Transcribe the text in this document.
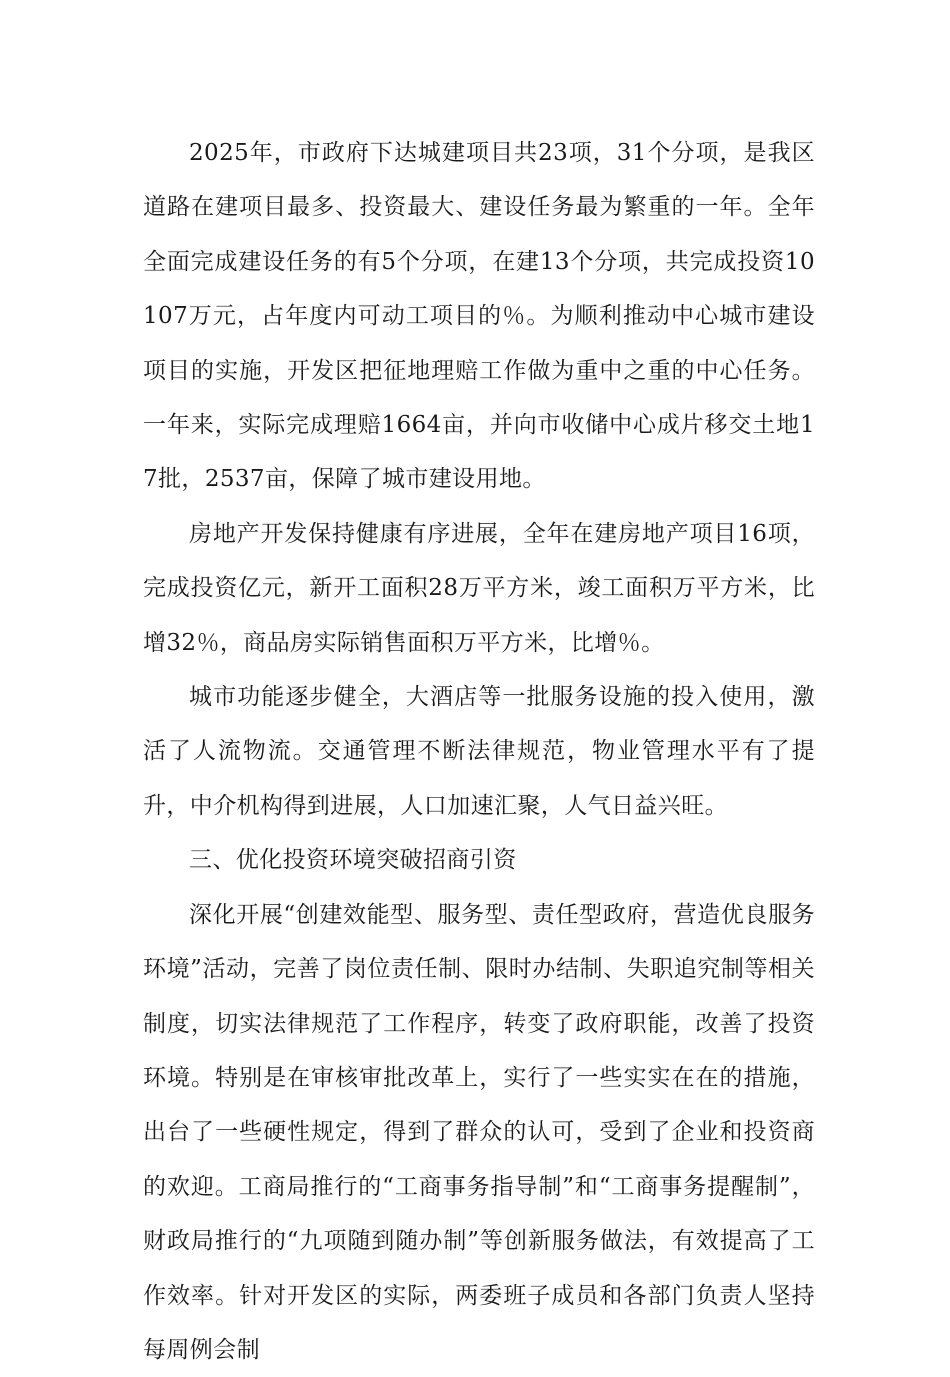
2025年，市政府下达城建项目共23项，31个分项，是我区道路在建项目最多、投资最大、建设任务最为繁重的一年。全年全面完成建设任务的有5个分项，在建13个分项，共完成投资10107万元，占年度内可动工项目的％。为顺利推动中心城市建设项目的实施，开发区把征地理赔工作做为重中之重的中心任务。一年来，实际完成理赔1664亩，并向市收储中心成片移交土地17批，2537亩，保障了城市建设用地。

房地产开发保持健康有序进展，全年在建房地产项目16项，完成投资亿元，新开工面积28万平方米，竣工面积万平方米，比增32％，商品房实际销售面积万平方米，比增％。

城市功能逐步健全，大酒店等一批服务设施的投入使用，激活了人流物流。交通管理不断法律规范，物业管理水平有了提升，中介机构得到进展，人口加速汇聚，人气日益兴旺。

三、优化投资环境突破招商引资

深化开展“创建效能型、服务型、责任型政府，营造优良服务环境”活动，完善了岗位责任制、限时办结制、失职追究制等相关制度，切实法律规范了工作程序，转变了政府职能，改善了投资环境。特别是在审核审批改革上，实行了一些实实在在的措施，出台了一些硬性规定，得到了群众的认可，受到了企业和投资商的欢迎。工商局推行的“工商事务指导制”和“工商事务提醒制”，财政局推行的“九项随到随办制”等创新服务做法，有效提高了工作效率。针对开发区的实际，两委班子成员和各部门负责人坚持每周例会制
